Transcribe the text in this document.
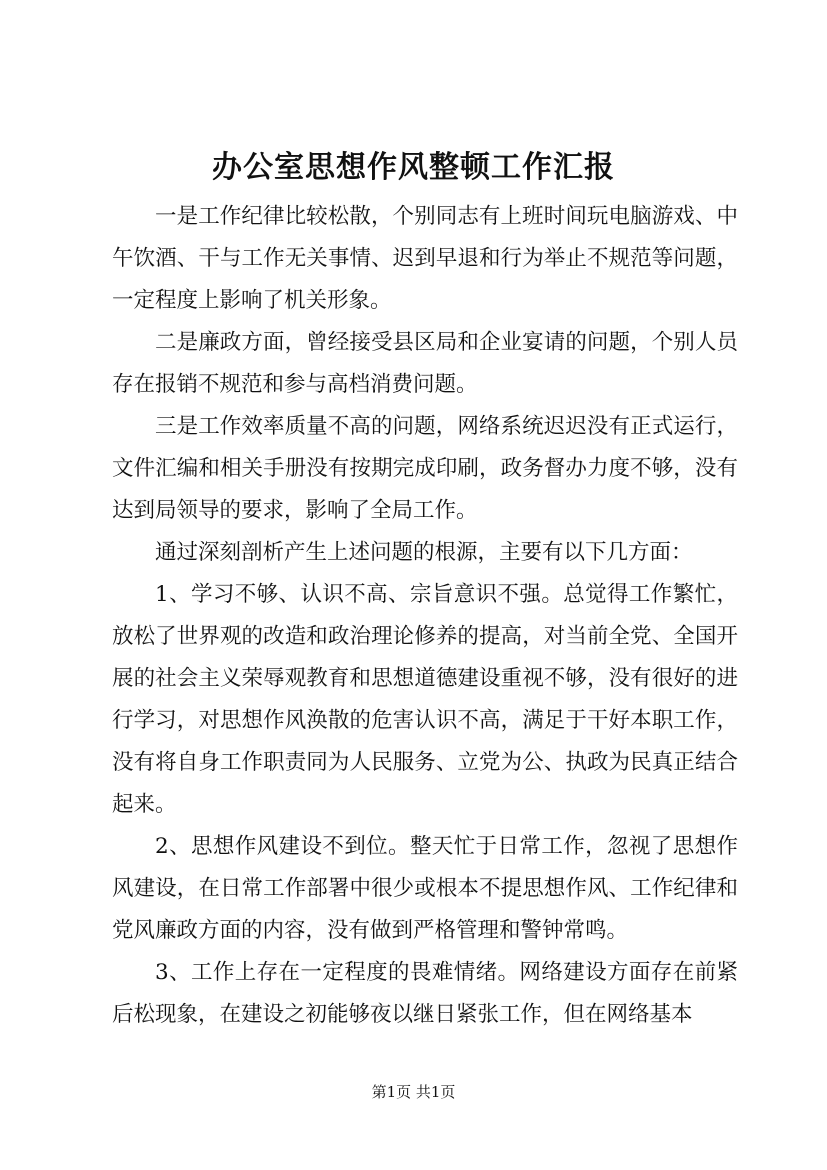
办公室思想作风整顿工作汇报

一是工作纪律比较松散，个别同志有上班时间玩电脑游戏、中午饮酒、干与工作无关事情、迟到早退和行为举止不规范等问题，一定程度上影响了机关形象。

二是廉政方面，曾经接受县区局和企业宴请的问题，个别人员存在报销不规范和参与高档消费问题。

三是工作效率质量不高的问题，网络系统迟迟没有正式运行，文件汇编和相关手册没有按期完成印刷，政务督办力度不够，没有达到局领导的要求，影响了全局工作。

通过深刻剖析产生上述问题的根源，主要有以下几方面：

1、学习不够、认识不高、宗旨意识不强。总觉得工作繁忙，放松了世界观的改造和政治理论修养的提高，对当前全党、全国开展的社会主义荣辱观教育和思想道德建设重视不够，没有很好的进行学习，对思想作风涣散的危害认识不高，满足于干好本职工作，没有将自身工作职责同为人民服务、立党为公、执政为民真正结合起来。

2、思想作风建设不到位。整天忙于日常工作，忽视了思想作风建设，在日常工作部署中很少或根本不提思想作风、工作纪律和党风廉政方面的内容，没有做到严格管理和警钟常鸣。

3、工作上存在一定程度的畏难情绪。网络建设方面存在前紧后松现象，在建设之初能够夜以继日紧张工作，但在网络基本

第1页 共1页
